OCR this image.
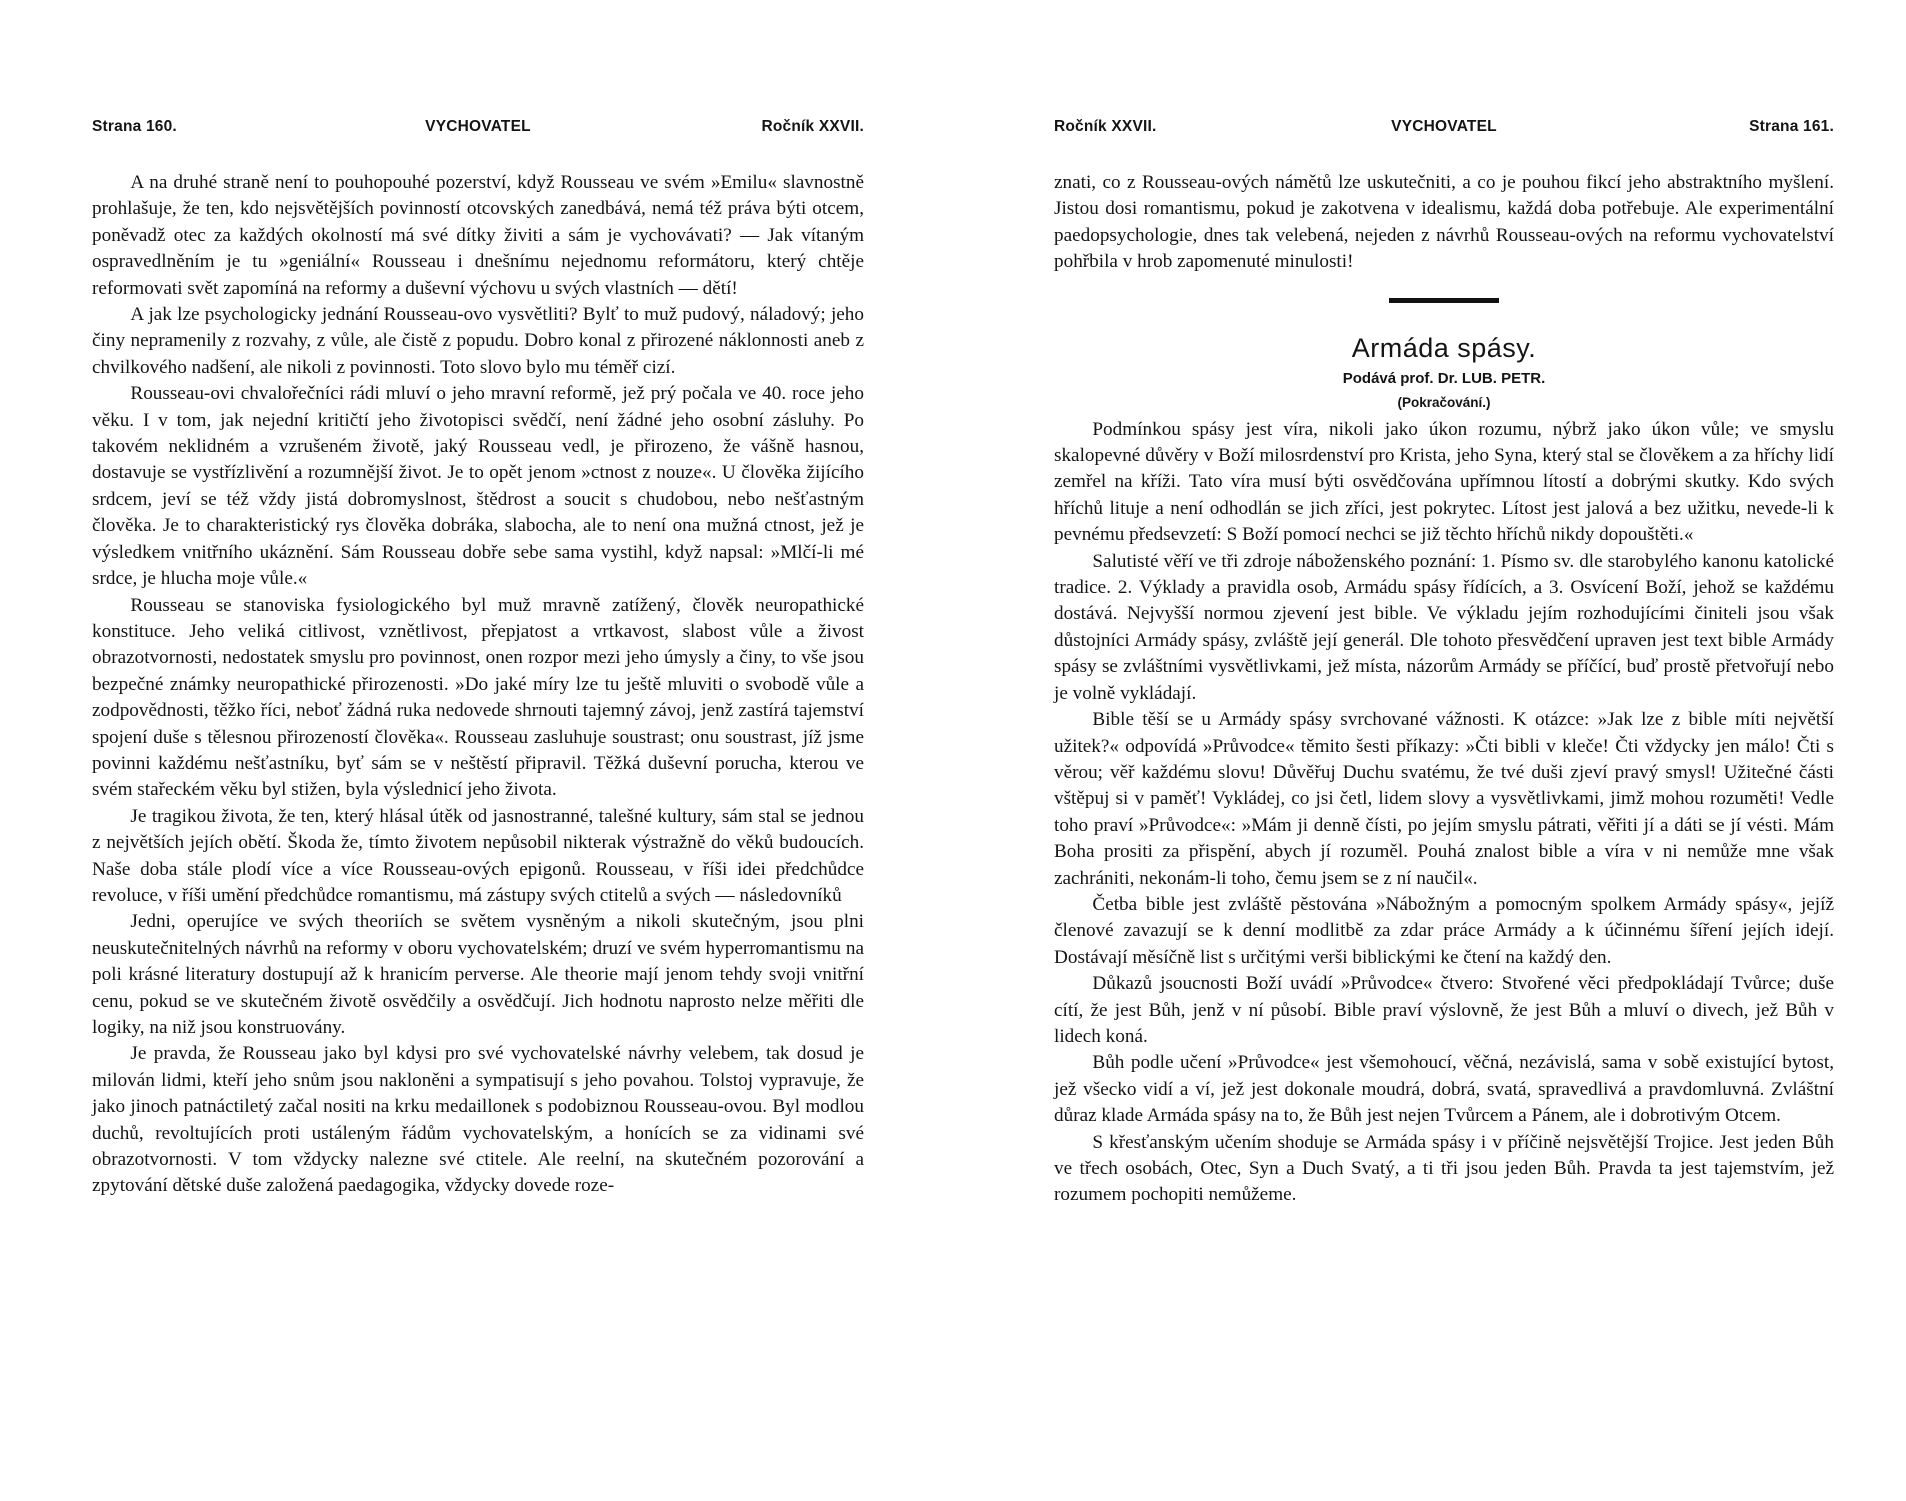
Strana 160.	VYCHOVATEL	Ročník XXVII.

A na druhé straně není to pouhopouhé pozerství, když Rousseau ve svém »Emilu« slavnostně prohlašuje, že ten, kdo nejsvětějších povinností otcovských zanedbává, nemá též práva býti otcem, poněvadž otec za každých okolností má své dítky živiti a sám je vychovávati? — Jak vítaným ospravedlněním je tu »geniální« Rousseau i dnešnímu nejednomu reformátoru, který chtěje reformovati svět zapomíná na reformy a duševní výchovu u svých vlastních — dětí!

A jak lze psychologicky jednání Rousseau-ovo vysvětliti? Bylť to muž pudový, náladový; jeho činy nepramenily z rozvahy, z vůle, ale čistě z popudu. Dobro konal z přirozené náklonnosti aneb z chvilkového nadšení, ale nikoli z povinnosti. Toto slovo bylo mu téměř cizí.

Rousseau-ovi chvalořečníci rádi mluví o jeho mravní reformě, jež prý počala ve 40. roce jeho věku. I v tom, jak nejední kritičtí jeho životopisci svědčí, není žádné jeho osobní zásluhy. Po takovém neklidném a vzrušeném životě, jaký Rousseau vedl, je přirozeno, že vášně hasnou, dostavuje se vystřízlivění a rozumnější život. Je to opět jenom »ctnost z nouze«. U člověka žijícího srdcem, jeví se též vždy jistá dobromyslnost, štědrost a soucit s chudobou, nebo nešťastným člověka. Je to charakteristický rys člověka dobráka, slabocha, ale to není ona mužná ctnost, jež je výsledkem vnitřního ukáznění. Sám Rousseau dobře sebe sama vystihl, když napsal: »Mlčí-li mé srdce, je hlucha moje vůle.«

Rousseau se stanoviska fysiologického byl muž mravně zatížený, člověk neuropathické konstituce. Jeho veliká citlivost, vznětlivost, přepjatost a vrtkavost, slabost vůle a živost obrazotvornosti, nedostatek smyslu pro povinnost, onen rozpor mezi jeho úmysly a činy, to vše jsou bezpečné známky neuropathické přirozenosti. »Do jaké míry lze tu ještě mluviti o svobodě vůle a zodpovědnosti, těžko říci, neboť žádná ruka nedovede shrnouti tajemný závoj, jenž zastírá tajemství spojení duše s tělesnou přirozeností člověka«. Rousseau zasluhuje soustrast; onu soustrast, jíž jsme povinni každému nešťastníku, byť sám se v neštěstí připravil. Těžká duševní porucha, kterou ve svém stařeckém věku byl stižen, byla výslednicí jeho života.

Je tragikou života, že ten, který hlásal útěk od jasnostranné, talešné kultury, sám stal se jednou z největších jejích obětí. Škoda že, tímto životem nepůsobil nikterak výstražně do věků budoucích. Naše doba stále plodí více a více Rousseau-ových epigonů. Rousseau, v říši idei předchůdce revoluce, v říši umění předchůdce romantismu, má zástupy svých ctitelů a svých — následovníků

Jedni, operujíce ve svých theoriích se světem vysněným a nikoli skutečným, jsou plni neuskutečnitelných návrhů na reformy v oboru vychovatelském; druzí ve svém hyperromantismu na poli krásné literatury dostupují až k hranicím perverse. Ale theorie mají jenom tehdy svoji vnitřní cenu, pokud se ve skutečném životě osvědčily a osvědčují. Jich hodnotu naprosto nelze měřiti dle logiky, na niž jsou konstruovány.

Je pravda, že Rousseau jako byl kdysi pro své vychovatelské návrhy velebem, tak dosud je milován lidmi, kteří jeho snům jsou nakloněni a sympatisují s jeho povahou. Tolstoj vypravuje, že jako jinoch patnáctiletý začal nositi na krku medaillonek s podobiznou Rousseau-ovou. Byl modlou duchů, revoltujících proti ustáleným řádům vychovatelským, a honících se za vidinami své obrazotvornosti. V tom vždycky nalezne své ctitele. Ale reelní, na skutečném pozorování a zpytování dětské duše založená paedagogika, vždycky dovede roze-

Ročník XXVII.	VYCHOVATEL	Strana 161.

znati, co z Rousseau-ových námětů lze uskutečniti, a co je pouhou fikcí jeho abstraktního myšlení. Jistou dosi romantismu, pokud je zakotvena v idealismu, každá doba potřebuje. Ale experimentální paedopsychologie, dnes tak velebená, nejeden z návrhů Rousseau-ových na reformu vychovatelství pohřbila v hrob zapomenuté minulosti!

Armáda spásy.
Podává prof. Dr. LUB. PETR.
(Pokračování.)

Podmínkou spásy jest víra, nikoli jako úkon rozumu, nýbrž jako úkon vůle; ve smyslu skalopevné důvěry v Boží milosrdenství pro Krista, jeho Syna, který stal se člověkem a za hříchy lidí zemřel na kříži. Tato víra musí býti osvědčována upřímnou lítostí a dobrými skutky. Kdo svých hříchů lituje a není odhodlán se jich zříci, jest pokrytec. Lítost jest jalová a bez užitku, nevede-li k pevnému předsevzetí: S Boží pomocí nechci se již těchto hříchů nikdy dopouštěti.«

Salutisté věří ve tři zdroje náboženského poznání: 1. Písmo sv. dle starobylého kanonu katolické tradice. 2. Výklady a pravidla osob, Armádu spásy řídících, a 3. Osvícení Boží, jehož se každému dostává. Nejvyšší normou zjevení jest bible. Ve výkladu jejím rozhodujícími činiteli jsou však důstojníci Armády spásy, zvláště její generál. Dle tohoto přesvědčení upraven jest text bible Armády spásy se zvláštními vysvětlivkami, jež místa, názorům Armády se příčící, buď prostě přetvořují nebo je volně vykládají.

Bible těší se u Armády spásy svrchované vážnosti. K otázce: »Jak lze z bible míti největší užitek?« odpovídá »Průvodce« těmito šesti příkazy: »Čti bibli v kleče! Čti vždycky jen málo! Čti s věrou; věř každému slovu! Důvěřuj Duchu svatému, že tvé duši zjeví pravý smysl! Užitečné části vštěpuj si v paměť! Vykládej, co jsi četl, lidem slovy a vysvětlivkami, jimž mohou rozuměti! Vedle toho praví »Průvodce«: »Mám ji denně čísti, po jejím smyslu pátrati, věřiti jí a dáti se jí vésti. Mám Boha prositi za přispění, abych jí rozuměl. Pouhá znalost bible a víra v ni nemůže mne však zachrániti, nekonám-li toho, čemu jsem se z ní naučil«.

Četba bible jest zvláště pěstována »Nábožným a pomocným spolkem Armády spásy«, jejíž členové zavazují se k denní modlitbě za zdar práce Armády a k účinnému šíření jejích idejí. Dostávají měsíčně list s určitými verši biblickými ke čtení na každý den.

Důkazů jsoucnosti Boží uvádí »Průvodce« čtvero: Stvořené věci předpokládají Tvůrce; duše cítí, že jest Bůh, jenž v ní působí. Bible praví výslovně, že jest Bůh a mluví o divech, jež Bůh v lidech koná.

Bůh podle učení »Průvodce« jest všemohoucí, věčná, nezávislá, sama v sobě existující bytost, jež všecko vidí a ví, jež jest dokonale moudrá, dobrá, svatá, spravedlivá a pravdomluvná. Zvláštní důraz klade Armáda spásy na to, že Bůh jest nejen Tvůrcem a Pánem, ale i dobrotivým Otcem.

S křesťanským učením shoduje se Armáda spásy i v příčině nejsvětější Trojice. Jest jeden Bůh ve třech osobách, Otec, Syn a Duch Svatý, a ti tři jsou jeden Bůh. Pravda ta jest tajemstvím, jež rozumem pochopiti nemůžeme.
